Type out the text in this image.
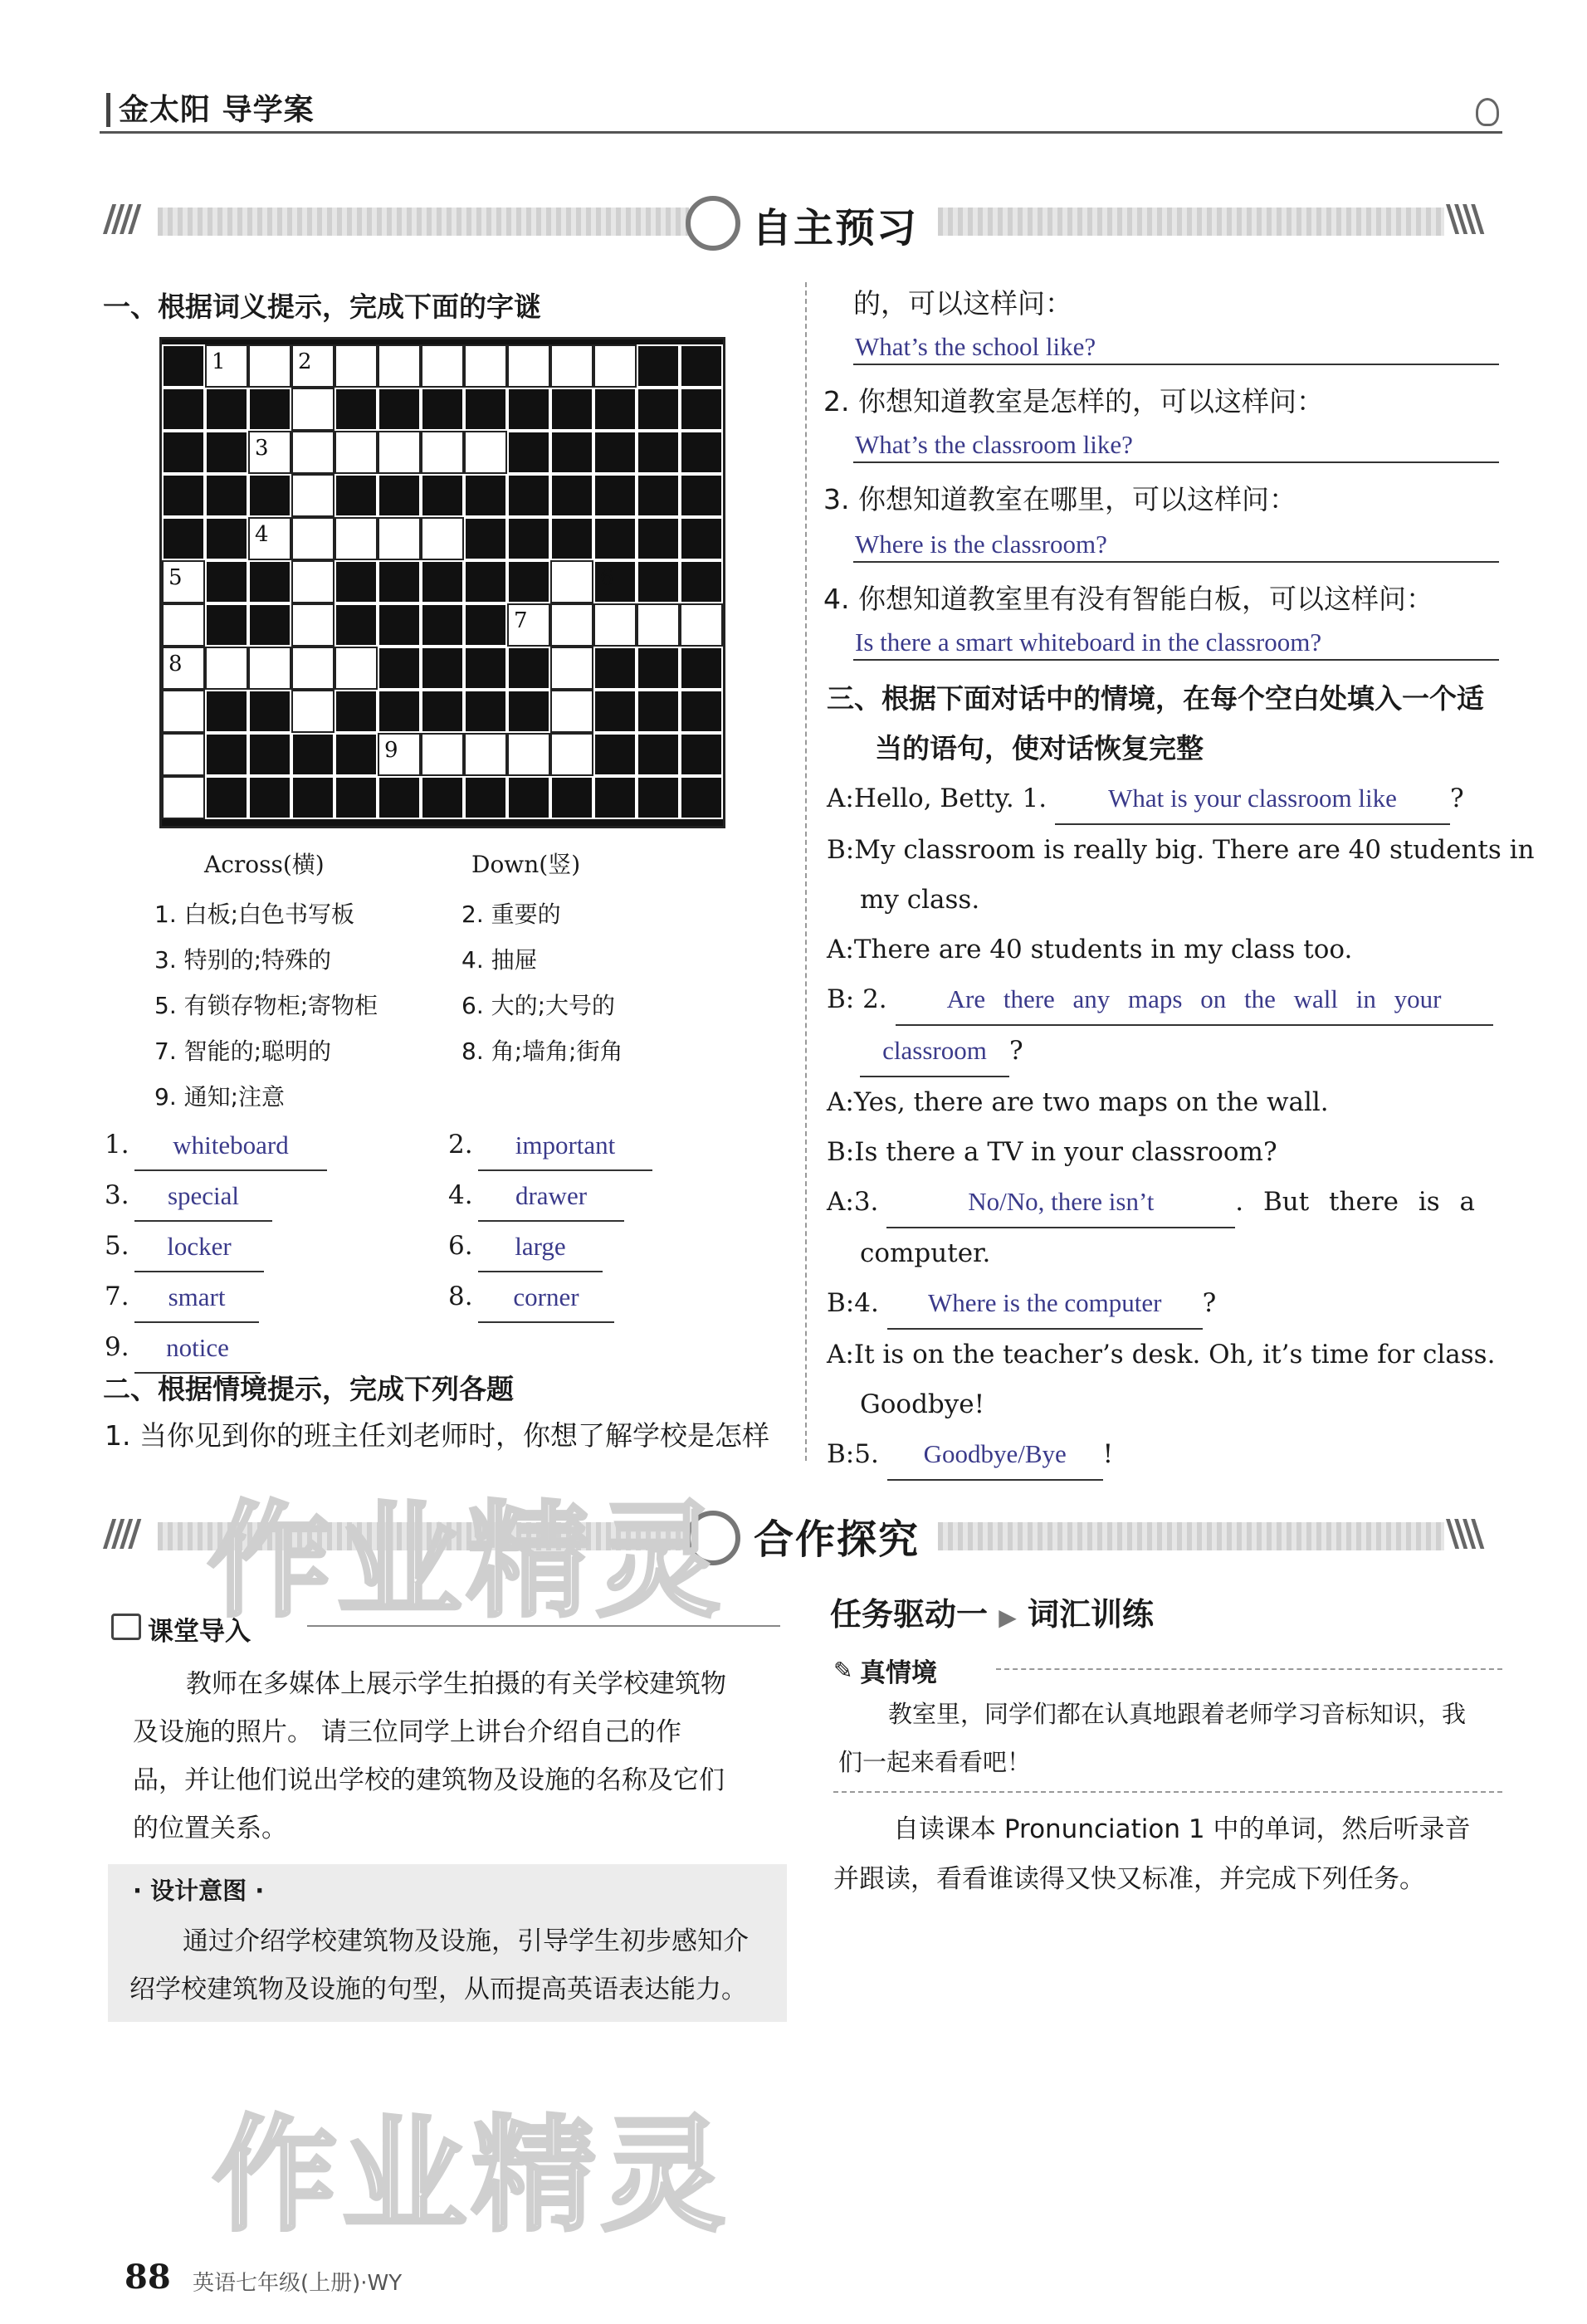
金太阳 导学案
////	自主预习	\\\\
一、根据词义提示，完成下面的字谜
1	2
3
4
5	6
7
8
9
Across(横)	Down(竖)
1. 白板;白色书写板	2. 重要的
3. 特别的;特殊的	4. 抽屉
5. 有锁存物柜;寄物柜	6. 大的;大号的
7. 智能的;聪明的	8. 角;墙角;街角
9. 通知;注意
1.	whiteboard	2.	important
3.	special	4.	drawer
5.	locker	6.	large
7.	smart	8.	corner
9.	notice
二、根据情境提示，完成下列各题
1. 当你见到你的班主任刘老师时，你想了解学校是怎样
的，可以这样问：
What’s the school like?
2. 你想知道教室是怎样的，可以这样问：
What’s the classroom like?
3. 你想知道教室在哪里，可以这样问：
Where is the classroom?
4. 你想知道教室里有没有智能白板，可以这样问：
Is there a smart whiteboard in the classroom?
三、根据下面对话中的情境，在每个空白处填入一个适
当的语句，使对话恢复完整
A:Hello, Betty. 1. What is your classroom like ?
B:My classroom is really big. There are 40 students in
my class.
A:There are 40 students in my class too.
B: 2. Are there any maps on the wall in your
classroom ?
A:Yes, there are two maps on the wall.
B:Is there a TV in your classroom?
A:3.	No/No, there isn’t	. But there is a
computer.
B:4. Where is the computer ?
A:It is on the teacher’s desk. Oh, it’s time for class.
Goodbye!
B:5. Goodbye/Bye !
////	合作探究	\\\\
课堂导入
教师在多媒体上展示学生拍摄的有关学校建筑物
及设施的照片。 请三位同学上讲台介绍自己的作
品，并让他们说出学校的建筑物及设施的名称及它们
的位置关系。
· 设计意图 ·
通过介绍学校建筑物及设施，引导学生初步感知介
绍学校建筑物及设施的句型，从而提高英语表达能力。
任务驱动一 ▶ 词汇训练
✎ 真情境
教室里，同学们都在认真地跟着老师学习音标知识，我
们一起来看看吧！
自读课本 Pronunciation 1 中的单词，然后听录音
并跟读，看看谁读得又快又标准，并完成下列任务。
作业精灵
作业精灵
88 英语七年级(上册)·WY
